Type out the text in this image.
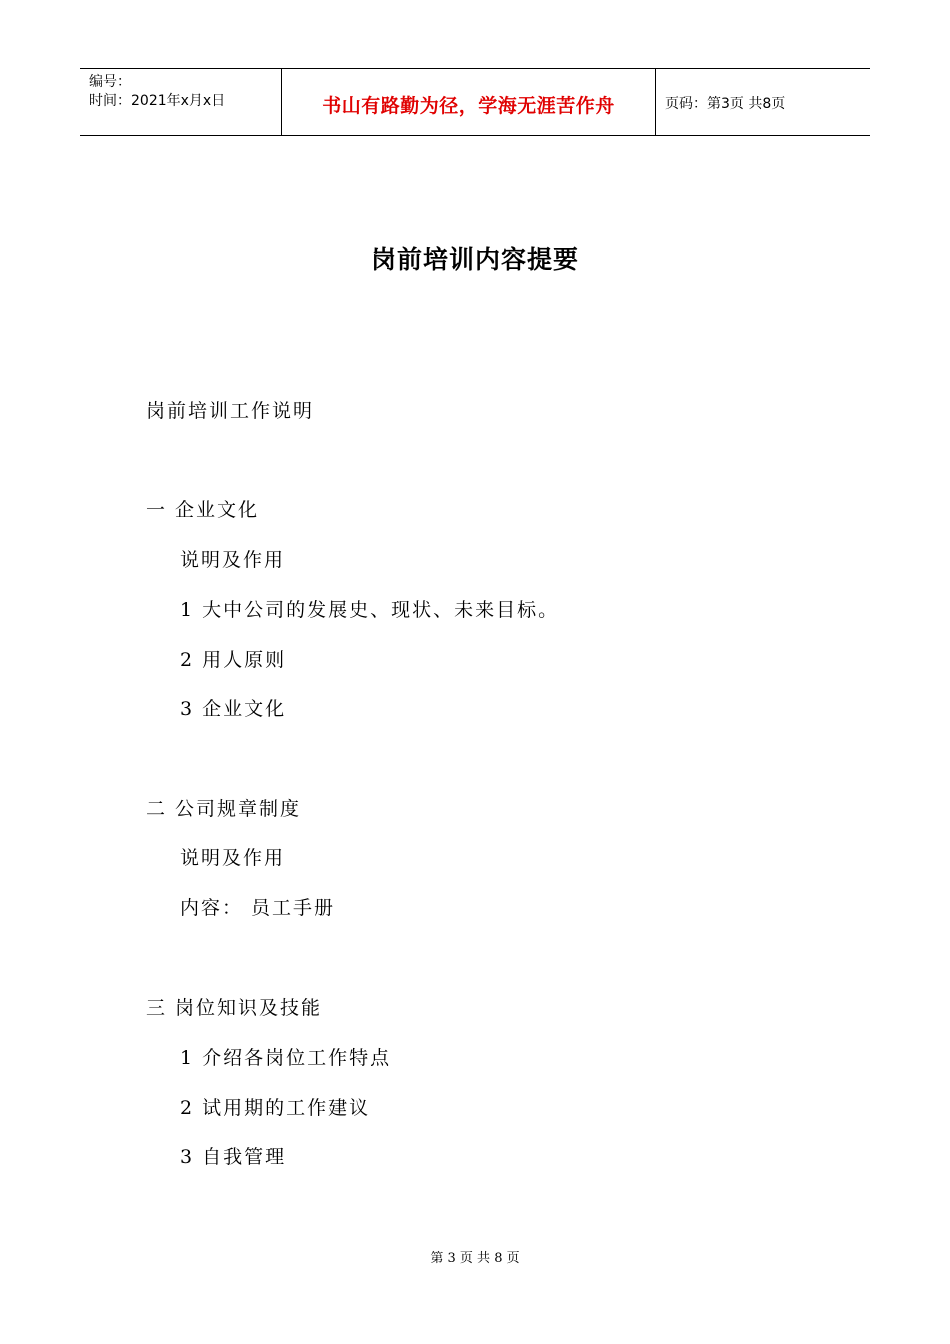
编号：
时间：2021年x月x日	书山有路勤为径，学海无涯苦作舟	页码：第3页 共8页
岗前培训内容提要
岗前培训工作说明
一 企业文化
说明及作用
1 大中公司的发展史、现状、未来目标。
2 用人原则
3 企业文化
二 公司规章制度
说明及作用
内容： 员工手册
三 岗位知识及技能
1 介绍各岗位工作特点
2 试用期的工作建议
3 自我管理
第 3 页 共 8 页
